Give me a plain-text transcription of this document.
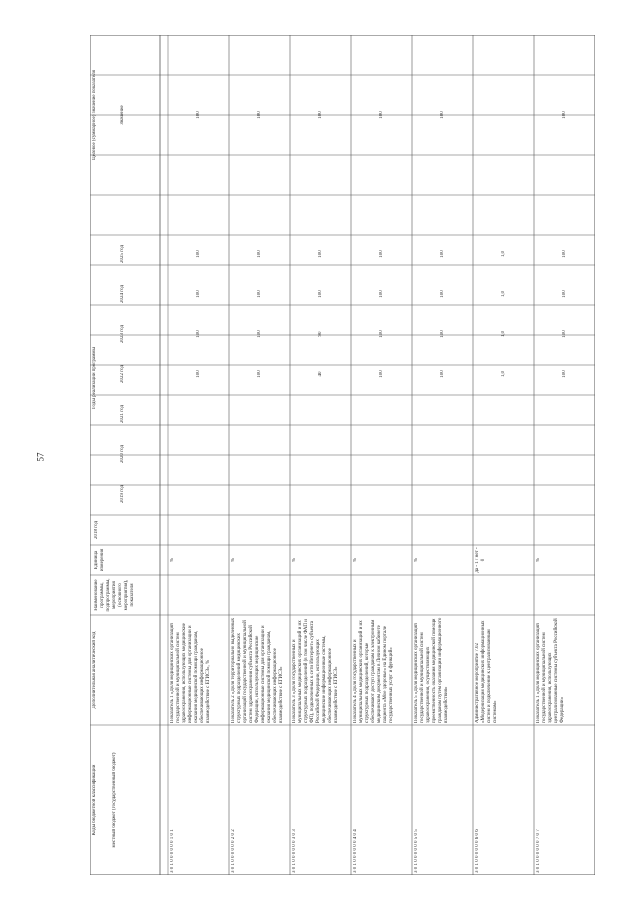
57
Коды бюджетной классификации	местный бюджет (государственный бюджет)
Дополнительная аналитический код
Наименование программы, подпрограммы, мероприятия (основного мероприятия), показателя
Единица измерения
2018 год
Годы реализации программы
2019 год
2020 год
2021 год
2022 год
2023 год
2024 год
2025 год
Целевое (суммарное) значение показателя	Значение
3 0 1 0 0 0 0 0 0 1 0 1
Показатель 1 «Доля медицинских организаций государственной и муниципальной систем здравоохранения, использующих медицинские информационные системы для организации и оказания медицинской помощи гражданам, обеспечивающих информационное взаимодействие с ЕГИСЗ», %
%
100
100
100
100
100
3 0 1 0 0 0 0 0 0 2 0 2
Показатель 2 «Доля территориально выделенных структурных подразделений медицинских организаций государственной и муниципальной систем здравоохранения субъекта Российской Федерации, использующих медицинские информационные системы для организации и оказания медицинской помощи гражданам, обеспечивающих информационное взаимодействие с ЕГИСЗ»
%
100
100
100
100
100
3 0 1 0 0 0 0 0 0 3 0 3
Показатель 3 «Доля государственных и муниципальных медицинских организаций и их структурных подразделений (в том числе ФАП и ФП), подключенных к сети Интернет» субъекта Российской Федерации, использующих медицинские информационные системы, обеспечивающих информационное взаимодействие с ЕГИСЗ»
%
40
90
100
100
100
3 0 1 0 0 0 0 0 0 4 0 4
Показатель 4 «Доля государственных и муниципальных медицинских организаций и их структурных подразделений, которые обеспечивают доступ гражданам к электронным медицинским документам в Личном кабинете пациента «Мое здоровье» на Едином портале государственных услуг и функций»
%
100
100
100
100
100
3 0 1 0 0 0 0 0 0 5 0 5
Показатель 5 «Доля медицинских организаций государственной и муниципальной систем здравоохранения, осуществляющих преемственность оказания медицинской помощи гражданам путем организации информационного взаимодействия»
%
100
100
100
100
100
3 0 1 0 0 0 0 0 0 6 0 6
Административное мероприятие 7.02 «Модернизация медицинских информационных систем и подключение к централизованным системам»
да - 1 / нет - 0
1,0
1,0
1,0
1,0
3 0 1 0 0 0 0 0 0 7 0 7
Показатель 1 «Доля медицинских организаций государственной и муниципальной систем здравоохранения, использующих централизованные системы субъекта Российской Федерации»
%
100
100
100
100
100
